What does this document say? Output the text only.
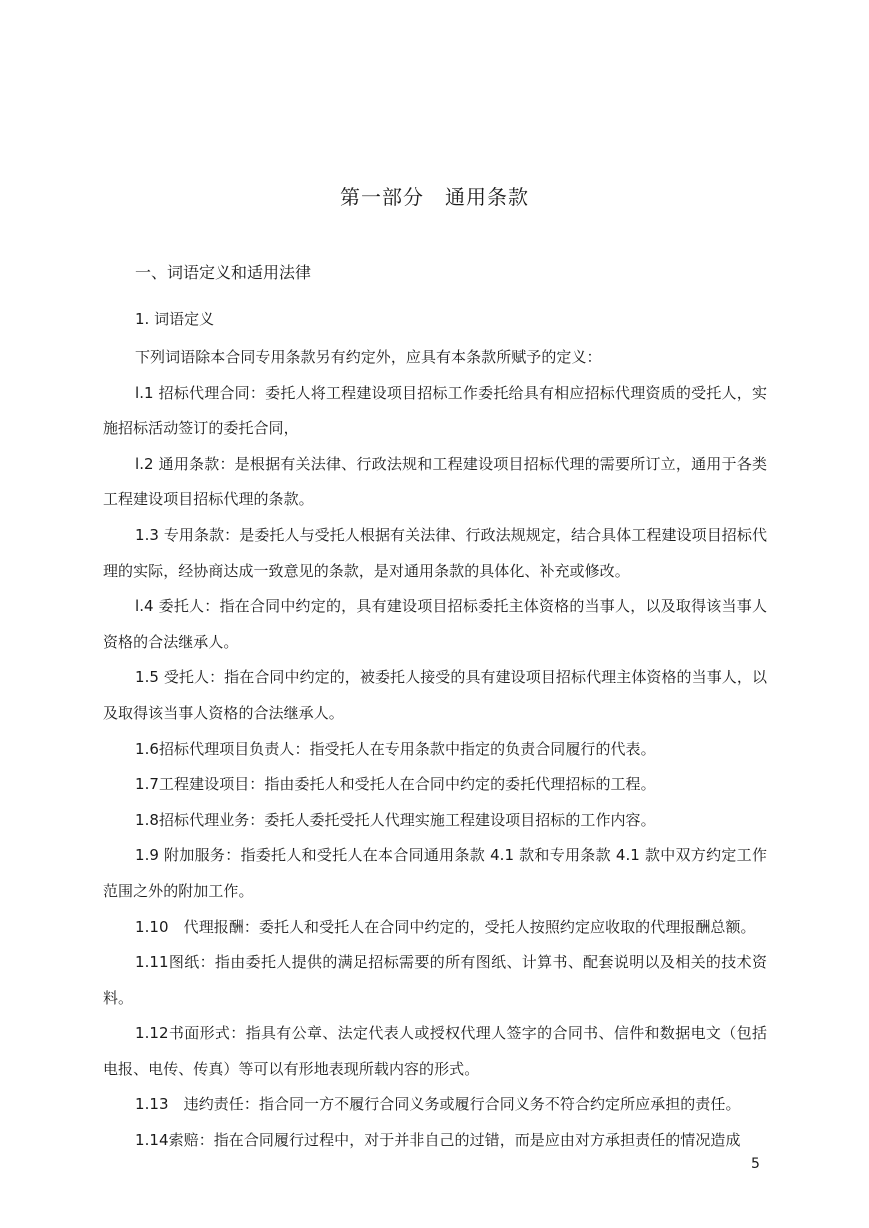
第一部分　通用条款
一、词语定义和适用法律
1. 词语定义

下列词语除本合同专用条款另有约定外，应具有本条款所赋予的定义：

l.1 招标代理合同：委托人将工程建设项目招标工作委托给具有相应招标代理资质的受托人，实施招标活动签订的委托合同，

l.2 通用条款：是根据有关法律、行政法规和工程建设项目招标代理的需要所订立，通用于各类工程建设项目招标代理的条款。

1.3 专用条款：是委托人与受托人根据有关法律、行政法规规定，结合具体工程建设项目招标代理的实际，经协商达成一致意见的条款，是对通用条款的具体化、补充或修改。

l.4 委托人：指在合同中约定的，具有建设项目招标委托主体资格的当事人，以及取得该当事人资格的合法继承人。

1.5 受托人：指在合同中约定的，被委托人接受的具有建设项目招标代理主体资格的当事人，以及取得该当事人资格的合法继承人。

1.6招标代理项目负责人：指受托人在专用条款中指定的负责合同履行的代表。

1.7工程建设项目：指由委托人和受托人在合同中约定的委托代理招标的工程。

1.8招标代理业务：委托人委托受托人代理实施工程建设项目招标的工作内容。

1.9 附加服务：指委托人和受托人在本合同通用条款 4.1 款和专用条款 4.1 款中双方约定工作范围之外的附加工作。

1.10　代理报酬：委托人和受托人在合同中约定的，受托人按照约定应收取的代理报酬总额。

1.11图纸：指由委托人提供的满足招标需要的所有图纸、计算书、配套说明以及相关的技术资料。

1.12书面形式：指具有公章、法定代表人或授权代理人签字的合同书、信件和数据电文（包括电报、电传、传真）等可以有形地表现所载内容的形式。

1.13　违约责任：指合同一方不履行合同义务或履行合同义务不符合约定所应承担的责任。

1.14索赔：指在合同履行过程中，对于并非自己的过错，而是应由对方承担责任的情况造成

5
